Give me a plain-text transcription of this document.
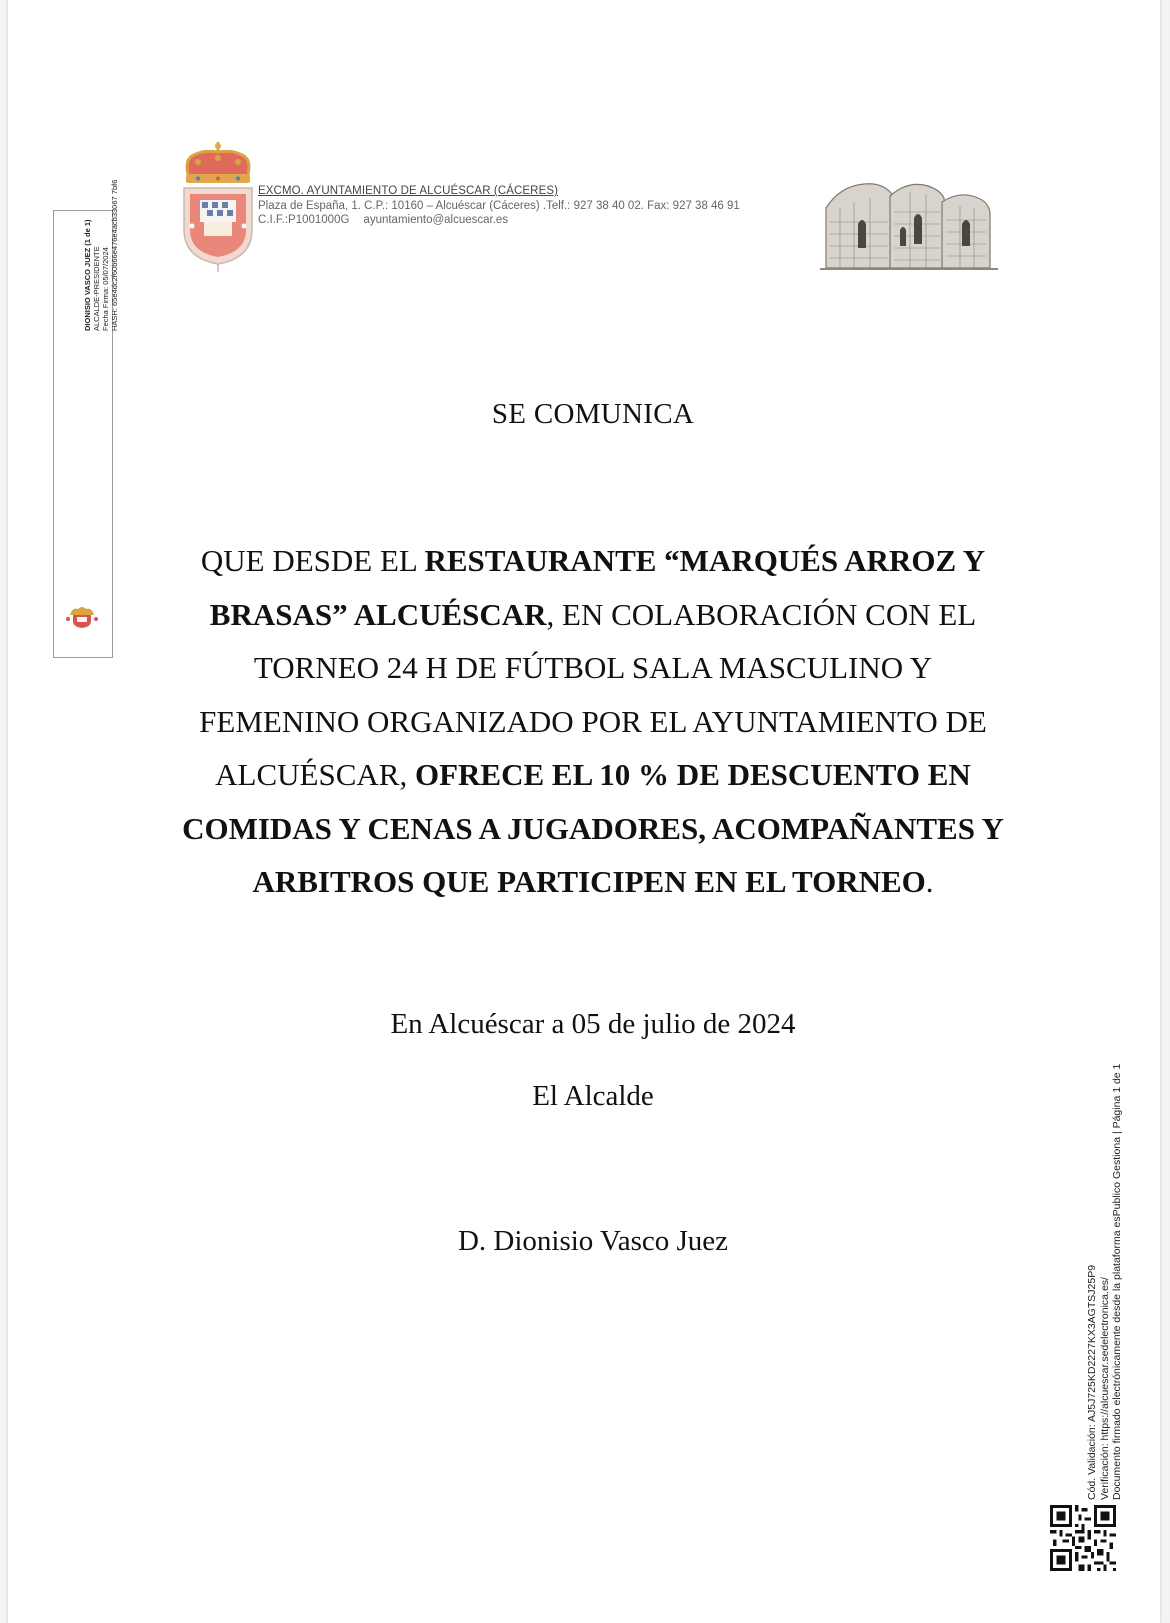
EXCMO. AYUNTAMIENTO DE ALCUÉSCAR (CÁCERES)
Plaza de España, 1. C.P.: 10160 – Alcuéscar (Cáceres) .Telf.: 927 38 40 02. Fax: 927 38 46 91
C.I.F.:P1001000G ayuntamiento@alcuescar.es
DIONISIO VASCO JUEZ (1 de 1) ALCALDE-PRESIDENTE Fecha Firma: 05/07/2024 HASH: 65e4dc2f60b66e476e4acb33067 7bf6
SE COMUNICA
QUE DESDE EL RESTAURANTE “MARQUÉS ARROZ Y BRASAS” ALCUÉSCAR, EN COLABORACIÓN CON EL TORNEO 24 H DE FÚTBOL SALA MASCULINO Y FEMENINO ORGANIZADO POR EL AYUNTAMIENTO DE ALCUÉSCAR, OFRECE EL 10 % DE DESCUENTO EN COMIDAS Y CENAS A JUGADORES, ACOMPAÑANTES Y ARBITROS QUE PARTICIPEN EN EL TORNEO.
En Alcuéscar a 05 de julio de 2024
El Alcalde
D. Dionisio Vasco Juez
Cód. Validación: AJ5J725KD2227KX3AGTSJ25P9 Verificación: https://alcuescar.sedelectronica.es/ Documento firmado electrónicamente desde la plataforma esPublico Gestiona | Página 1 de 1
